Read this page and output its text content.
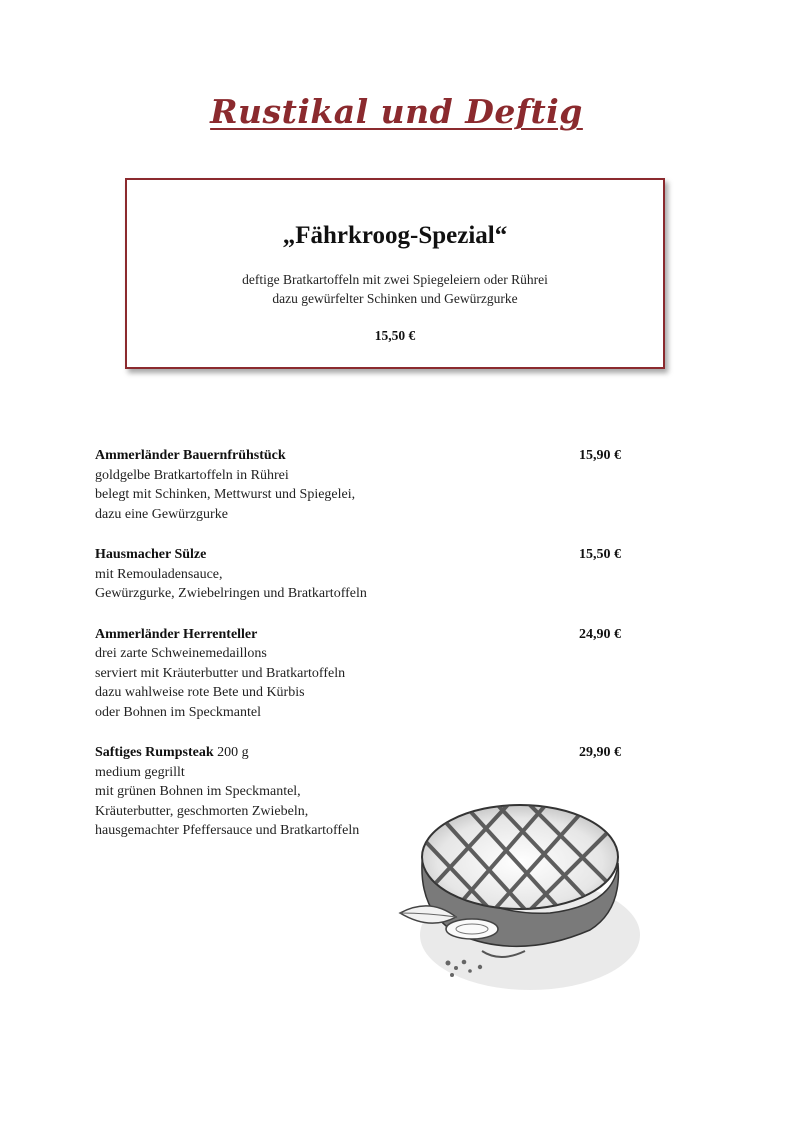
Rustikal und Deftig
„Fährkroog-Spezial“
deftige Bratkartoffeln mit zwei Spiegeleiern oder Rührei
dazu gewürfelter Schinken und Gewürzgurke
15,50 €
Ammerländer Bauernfrühstück	15,90 €
goldgelbe Bratkartoffeln in Rührei
belegt mit Schinken, Mettwurst und Spiegelei,
dazu eine Gewürzgurke
Hausmacher Sülze	15,50 €
mit Remouladensauce,
Gewürzgurke, Zwiebelringen und Bratkartoffeln
Ammerländer Herrenteller	24,90 €
drei zarte Schweinemedaillons
serviert mit Kräuterbutter und Bratkartoffeln
dazu wahlweise rote Bete und Kürbis
oder Bohnen im Speckmantel
Saftiges Rumpsteak 200 g	29,90 €
medium gegrillt
mit grünen Bohnen im Speckmantel,
Kräuterbutter, geschmorten Zwiebeln,
hausgemachter Pfeffersauce und Bratkartoffeln
